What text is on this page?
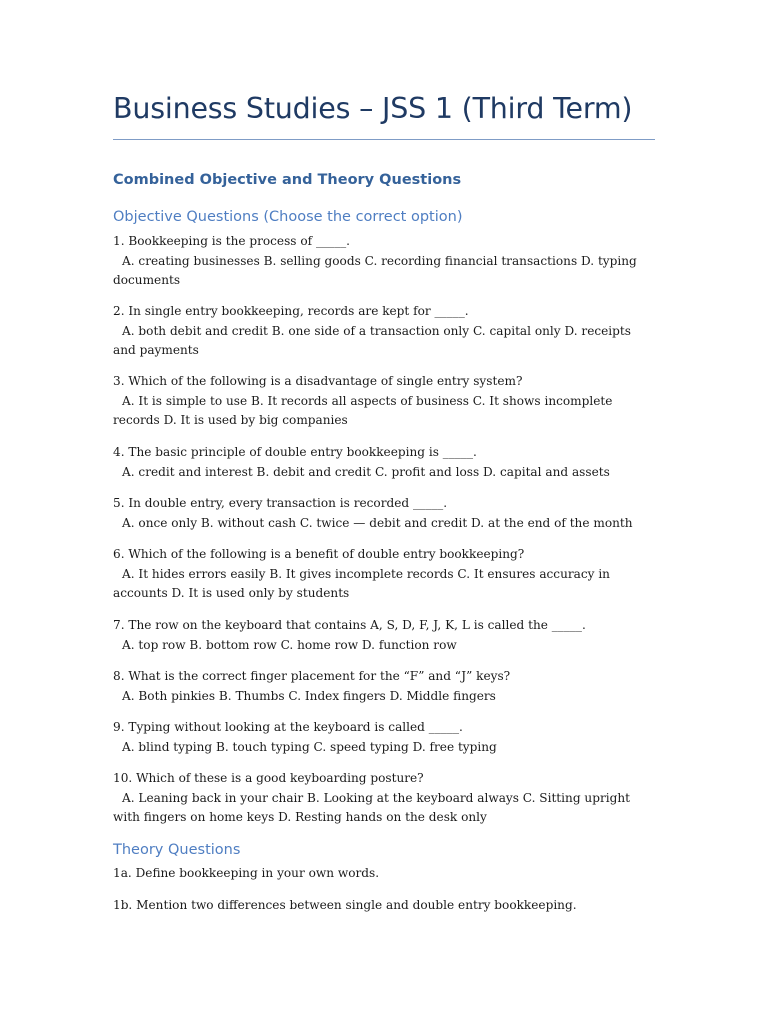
Business Studies – JSS 1 (Third Term)
Combined Objective and Theory Questions
Objective Questions (Choose the correct option)
1. Bookkeeping is the process of _____.
A. creating businesses B. selling goods C. recording financial transactions D. typing documents
2. In single entry bookkeeping, records are kept for _____.
A. both debit and credit B. one side of a transaction only C. capital only D. receipts and payments
3. Which of the following is a disadvantage of single entry system?
A. It is simple to use B. It records all aspects of business C. It shows incomplete records D. It is used by big companies
4. The basic principle of double entry bookkeeping is _____.
A. credit and interest B. debit and credit C. profit and loss D. capital and assets
5. In double entry, every transaction is recorded _____.
A. once only B. without cash C. twice — debit and credit D. at the end of the month
6. Which of the following is a benefit of double entry bookkeeping?
A. It hides errors easily B. It gives incomplete records C. It ensures accuracy in accounts D. It is used only by students
7. The row on the keyboard that contains A, S, D, F, J, K, L is called the _____.
A. top row B. bottom row C. home row D. function row
8. What is the correct finger placement for the “F” and “J” keys?
A. Both pinkies B. Thumbs C. Index fingers D. Middle fingers
9. Typing without looking at the keyboard is called _____.
A. blind typing B. touch typing C. speed typing D. free typing
10. Which of these is a good keyboarding posture?
A. Leaning back in your chair B. Looking at the keyboard always C. Sitting upright with fingers on home keys D. Resting hands on the desk only
Theory Questions
1a. Define bookkeeping in your own words.
1b. Mention two differences between single and double entry bookkeeping.
